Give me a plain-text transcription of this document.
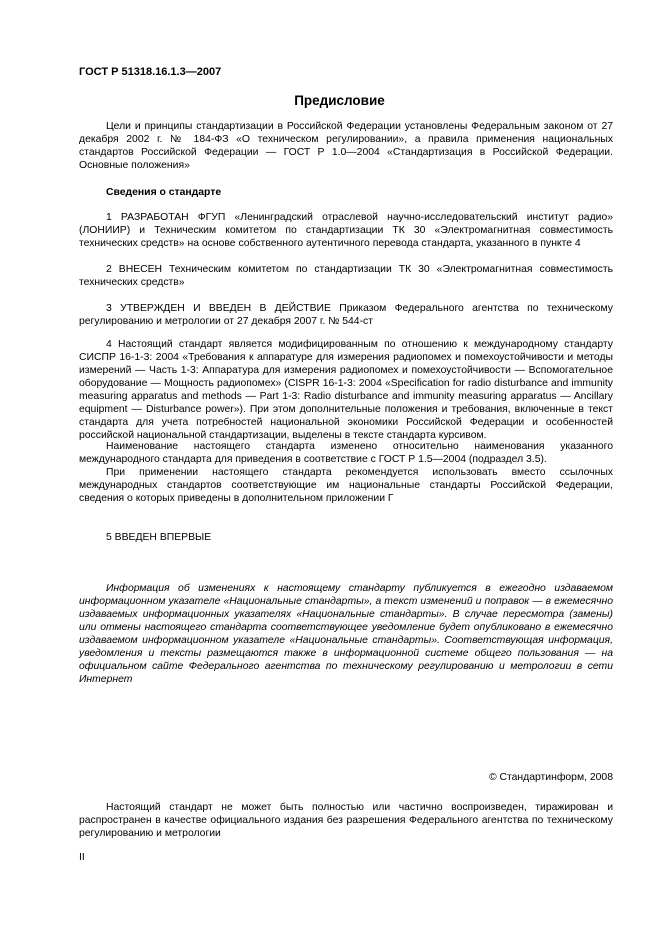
ГОСТ Р 51318.16.1.3—2007
Предисловие
Цели и принципы стандартизации в Российской Федерации установлены Федеральным законом от 27 декабря 2002 г. № 184-ФЗ «О техническом регулировании», а правила применения национальных стандартов Российской Федерации — ГОСТ Р 1.0—2004 «Стандартизация в Российской Федерации. Основные положения»
Сведения о стандарте
1 РАЗРАБОТАН ФГУП «Ленинградский отраслевой научно-исследовательский институт радио» (ЛОНИИР) и Техническим комитетом по стандартизации ТК 30 «Электромагнитная совместимость технических средств» на основе собственного аутентичного перевода стандарта, указанного в пункте 4
2 ВНЕСЕН Техническим комитетом по стандартизации ТК 30 «Электромагнитная совместимость технических средств»
3 УТВЕРЖДЕН И ВВЕДЕН В ДЕЙСТВИЕ Приказом Федерального агентства по техническому регулированию и метрологии от 27 декабря 2007 г. № 544-ст
4 Настоящий стандарт является модифицированным по отношению к международному стандарту СИСПР 16-1-3: 2004 «Требования к аппаратуре для измерения радиопомех и помехоустойчивости и методы измерений — Часть 1-3: Аппаратура для измерения радиопомех и помехоустойчивости — Вспомогательное оборудование — Мощность радиопомех» (CISPR 16-1-3: 2004 «Specification for radio disturbance and immunity measuring apparatus and methods — Part 1-3: Radio disturbance and immunity measuring apparatus — Ancillary equipment — Disturbance power»). При этом дополнительные положения и требования, включенные в текст стандарта для учета потребностей национальной экономики Российской Федерации и особенностей российской национальной стандартизации, выделены в тексте стандарта курсивом.
Наименование настоящего стандарта изменено относительно наименования указанного международного стандарта для приведения в соответствие с ГОСТ Р 1.5—2004 (подраздел 3.5).
При применении настоящего стандарта рекомендуется использовать вместо ссылочных международных стандартов соответствующие им национальные стандарты Российской Федерации, сведения о которых приведены в дополнительном приложении Г
5 ВВЕДЕН ВПЕРВЫЕ
Информация об изменениях к настоящему стандарту публикуется в ежегодно издаваемом информационном указателе «Национальные стандарты», а текст изменений и поправок — в ежемесячно издаваемых информационных указателях «Национальные стандарты». В случае пересмотра (замены) или отмены настоящего стандарта соответствующее уведомление будет опубликовано в ежемесячно издаваемом информационном указателе «Национальные стандарты». Соответствующая информация, уведомления и тексты размещаются также в информационной системе общего пользования — на официальном сайте Федерального агентства по техническому регулированию и метрологии в сети Интернет
© Стандартинформ, 2008
Настоящий стандарт не может быть полностью или частично воспроизведен, тиражирован и распространен в качестве официального издания без разрешения Федерального агентства по техническому регулированию и метрологии
II
